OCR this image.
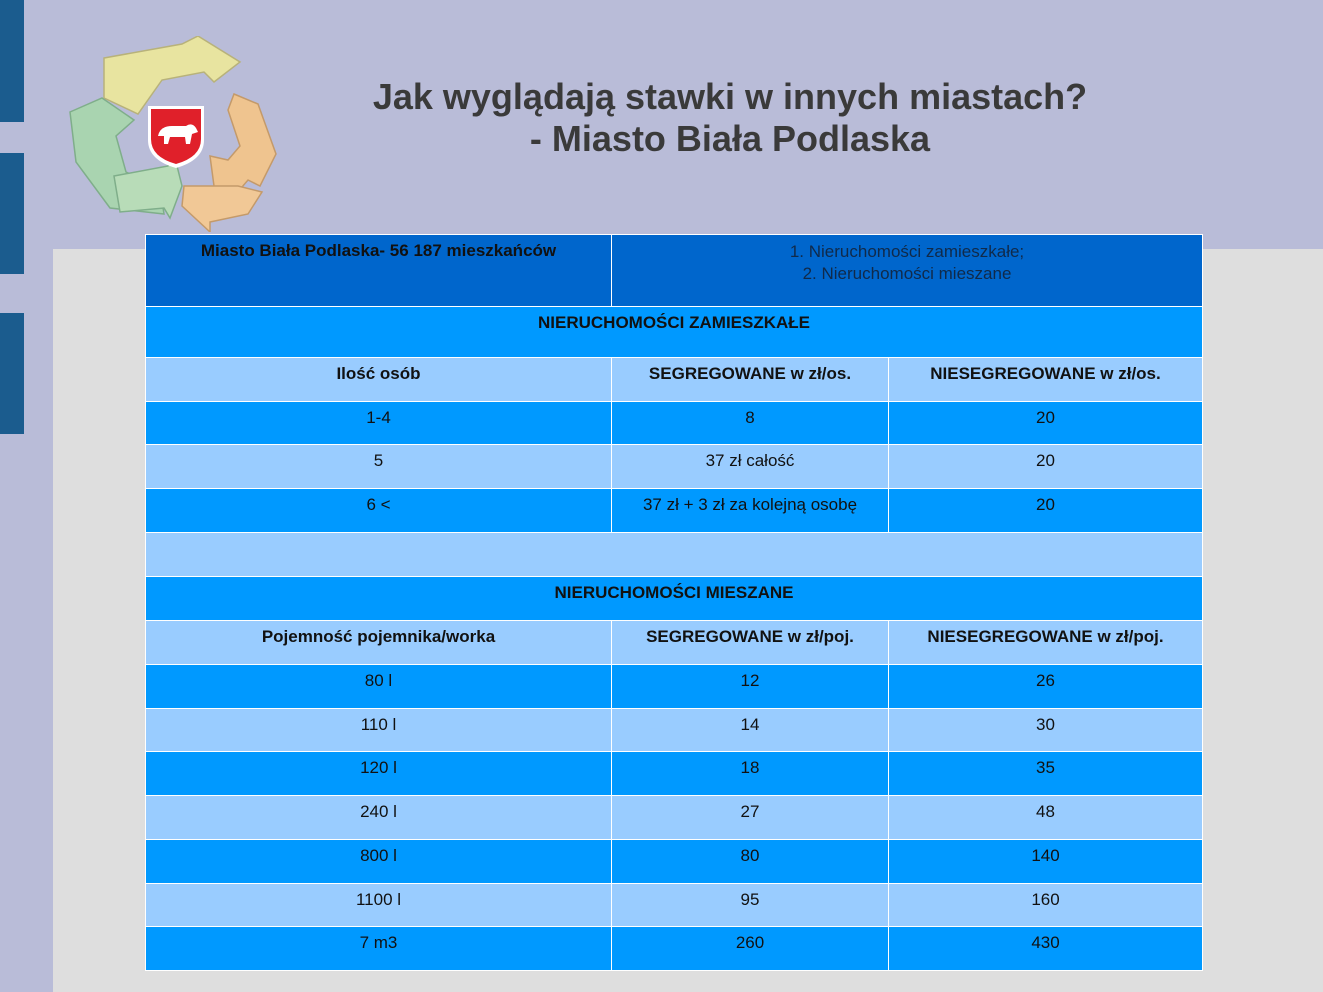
Jak wyglądają stawki w innych miastach?
- Miasto Biała Podlaska
Miasto Biała Podlaska- 56 187 mieszkańców	1. Nieruchomości zamieszkałe;
2. Nieruchomości mieszane	

NIERUCHOMOŚCI ZAMIESZKAŁE		
Ilość osób	SEGREGOWANE w zł/os.	NIESEGREGOWANE w zł/os.
1-4	8	20
5	37 zł całość	20
6 <	37 zł + 3 zł za kolejną osobę	20

NIERUCHOMOŚCI MIESZANE		
Pojemność pojemnika/worka	SEGREGOWANE w zł/poj.	NIESEGREGOWANE w zł/poj.
80 l	12	26
110 l	14	30
120 l	18	35
240 l	27	48
800 l	80	140
1100 l	95	160
7 m3	260	430
